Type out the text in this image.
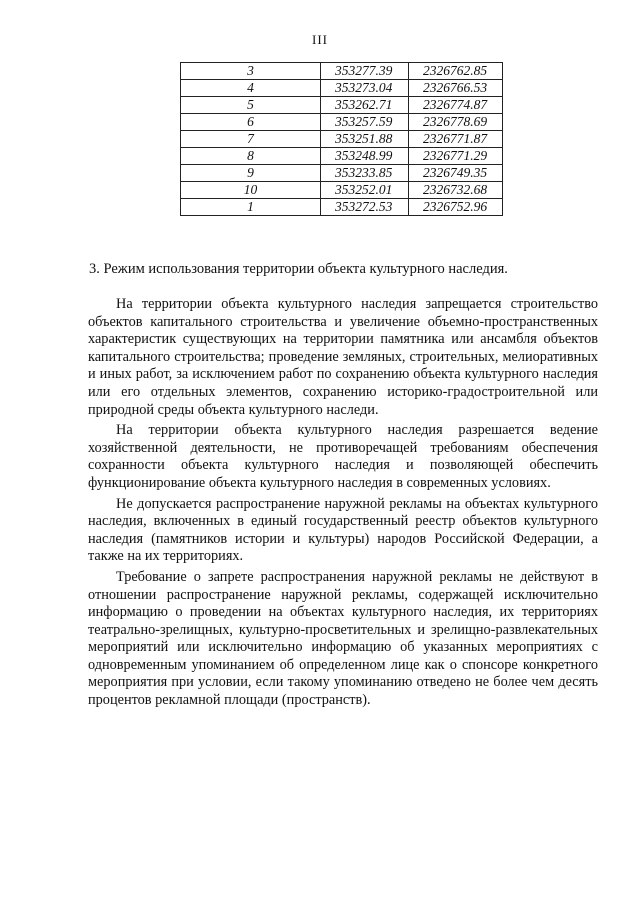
III
3	353277.39	2326762.85
4	353273.04	2326766.53
5	353262.71	2326774.87
6	353257.59	2326778.69
7	353251.88	2326771.87
8	353248.99	2326771.29
9	353233.85	2326749.35
10	353252.01	2326732.68
1	353272.53	2326752.96
3. Режим использования территории объекта культурного наследия.

На территории объекта культурного наследия запрещается строительство объектов капитального строительства и увеличение объемно-пространственных характеристик существующих на территории памятника или ансамбля объектов капитального строительства; проведение земляных, строительных, мелиоративных и иных работ, за исключением работ по сохранению объекта культурного наследия или его отдельных элементов, сохранению историко-градостроительной или природной среды объекта культурного наследи.

На территории объекта культурного наследия разрешается ведение хозяйственной деятельности, не противоречащей требованиям обеспечения сохранности объекта культурного наследия и позволяющей обеспечить функционирование объекта культурного наследия в современных условиях.

Не допускается распространение наружной рекламы на объектах культурного наследия, включенных в единый государственный реестр объектов культурного наследия (памятников истории и культуры) народов Российской Федерации, а также на их территориях.

Требование о запрете распространения наружной рекламы не действуют в отношении распространение наружной рекламы, содержащей исключительно информацию о проведении на объектах культурного наследия, их территориях театрально-зрелищных, культурно-просветительных и зрелищно-развлекательных мероприятий или исключительно информацию об указанных мероприятиях с одновременным упоминанием об определенном лице как о спонсоре конкретного мероприятия при условии, если такому упоминанию отведено не более чем десять процентов рекламной площади (пространств).
